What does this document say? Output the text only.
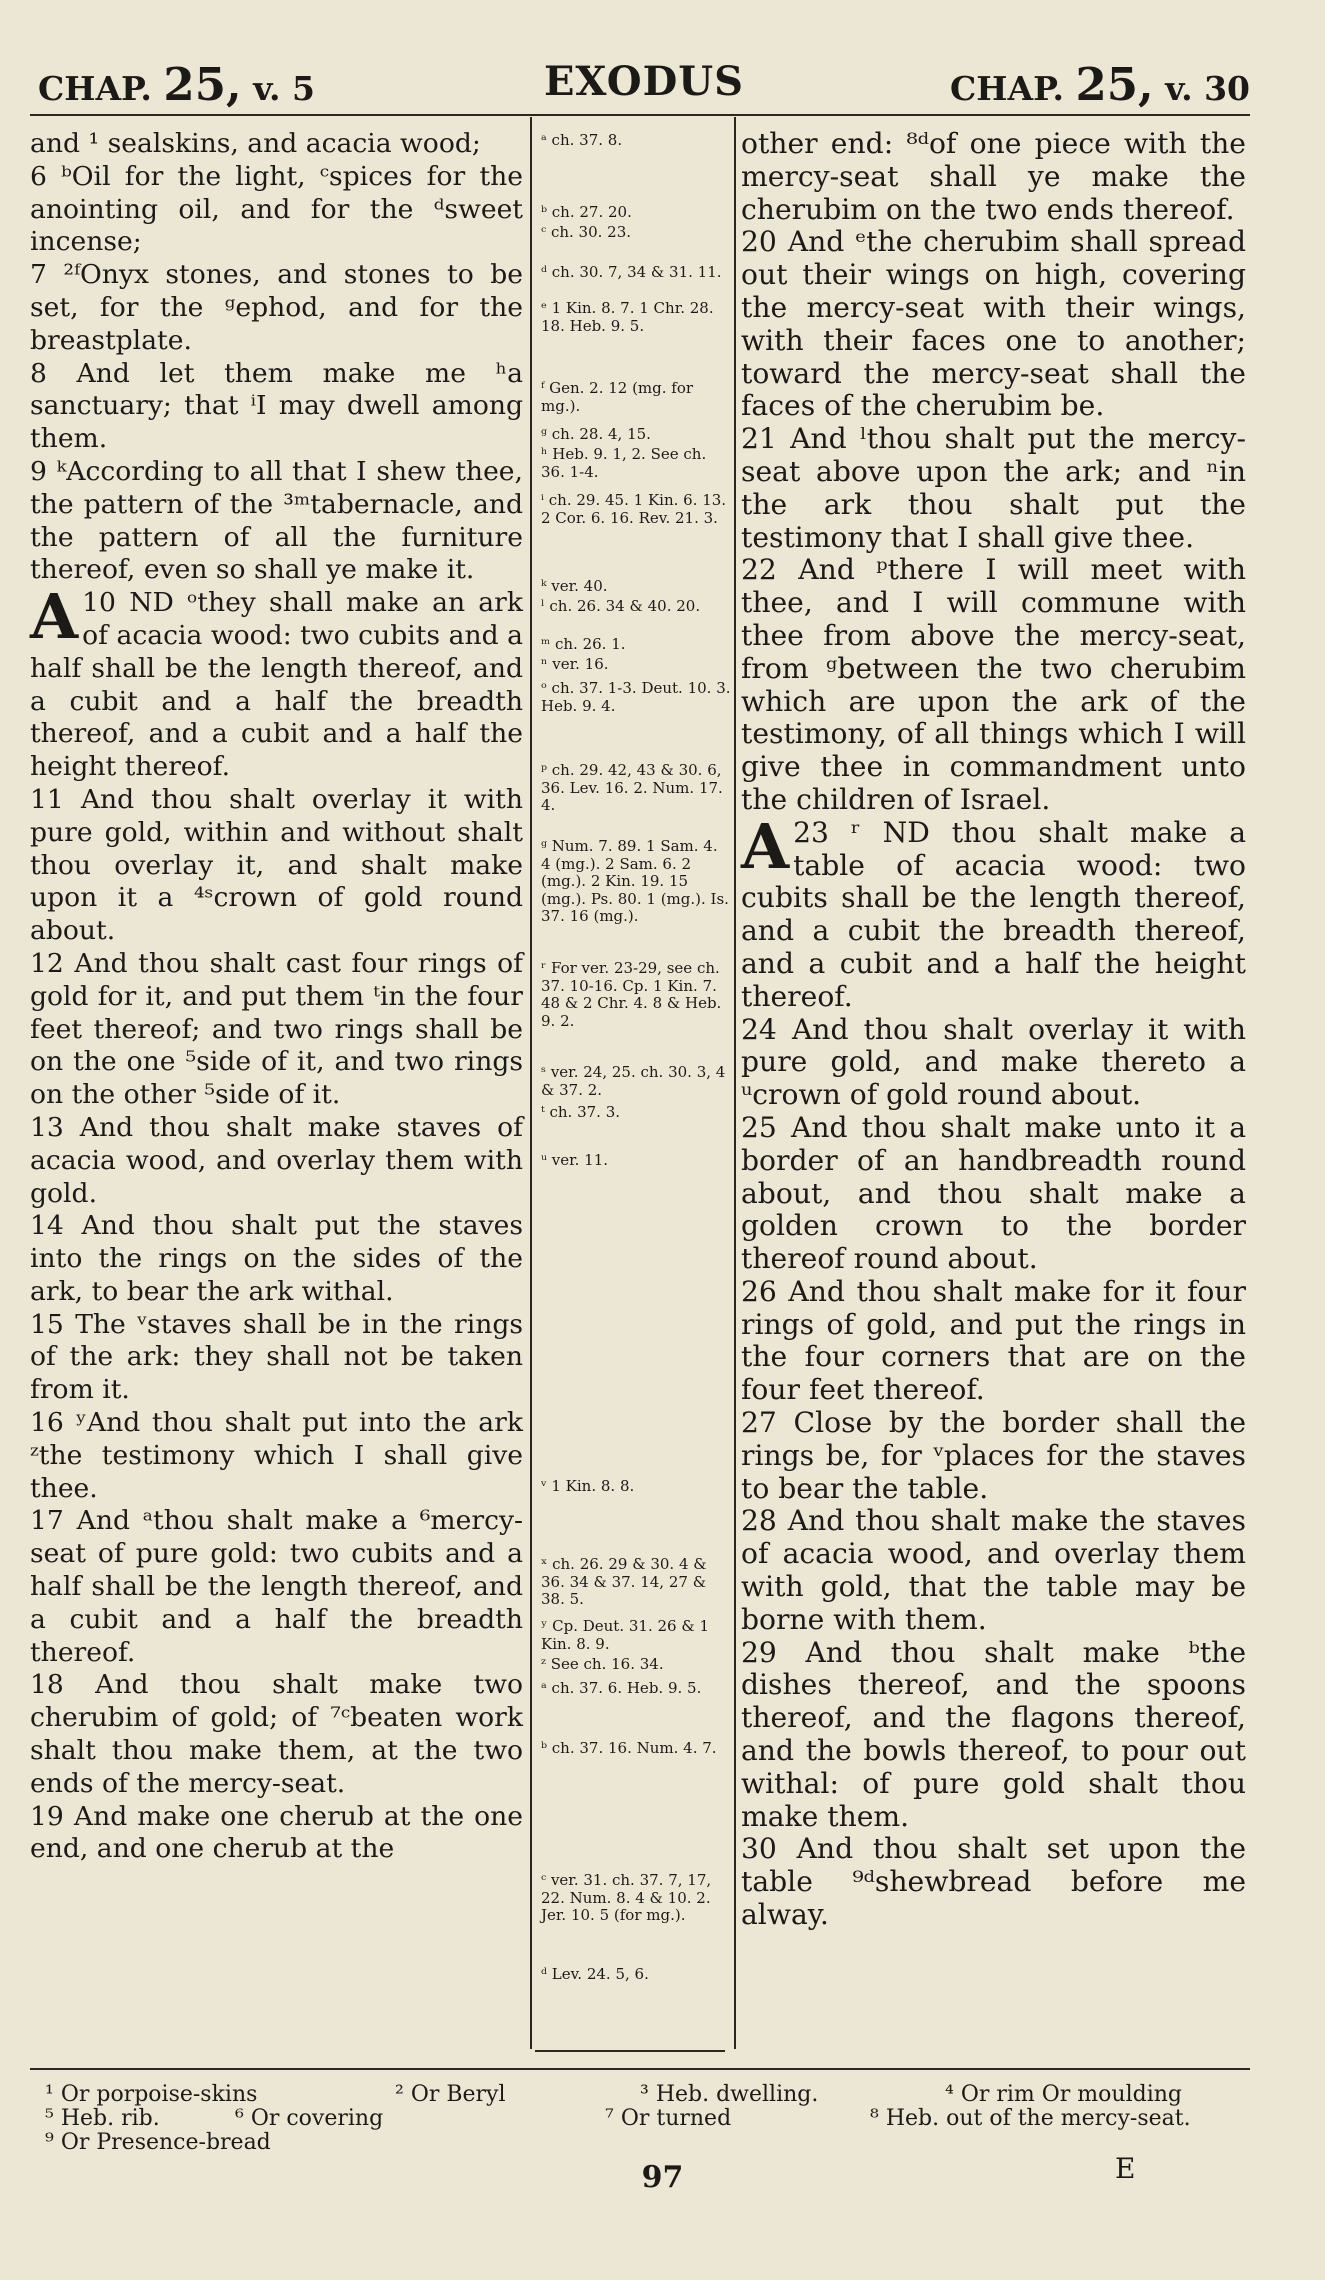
CHAP. 25, v. 5	EXODUS	CHAP. 25, v. 30

and ¹ sealskins, and acacia wood;

6 ᵇOil for the light, ᶜspices for the anointing oil, and for the ᵈsweet incense;

7 ²ᶠOnyx stones, and stones to be set, for the ᵍephod, and for the breastplate.

8 And let them make me ʰa sanctuary; that ⁱI may dwell among them.

9 ᵏAccording to all that I shew thee, the pattern of the ³ᵐtabernacle, and the pattern of all the furniture thereof, even so shall ye make it.

10
A ND ᵒthey shall make an ark of acacia wood: two cubits and a half shall be the length thereof, and a cubit and a half the breadth thereof, and a cubit and a half the height thereof.

11 And thou shalt overlay it with pure gold, within and without shalt thou overlay it, and shalt make upon it a ⁴ˢcrown of gold round about.

12 And thou shalt cast four rings of gold for it, and put them ᵗin the four feet thereof; and two rings shall be on the one ⁵side of it, and two rings on the other ⁵side of it.

13 And thou shalt make staves of acacia wood, and overlay them with gold.

14 And thou shalt put the staves into the rings on the sides of the ark, to bear the ark withal.

15 The ᵛstaves shall be in the rings of the ark: they shall not be taken from it.

16 ʸAnd thou shalt put into the ark ᶻthe testimony which I shall give thee.

17 And ᵃthou shalt make a ⁶mercy-seat of pure gold: two cubits and a half shall be the length thereof, and a cubit and a half the breadth thereof.

18 And thou shalt make two cherubim of gold; of ⁷ᶜbeaten work shalt thou make them, at the two ends of the mercy-seat.

19 And make one cherub at the one end, and one cherub at the

ᵃ ch. 37. 8.
ᵇ ch. 27. 20.
ᶜ ch. 30. 23.
ᵈ ch. 30. 7, 34 & 31. 11.
ᵉ 1 Kin. 8. 7. 1 Chr. 28. 18. Heb. 9. 5.
ᶠ Gen. 2. 12 (mg. for mg.).
ᵍ ch. 28. 4, 15.
ʰ Heb. 9. 1, 2. See ch. 36. 1-4.
ⁱ ch. 29. 45. 1 Kin. 6. 13. 2 Cor. 6. 16. Rev. 21. 3.
ᵏ ver. 40.
ˡ ch. 26. 34 & 40. 20.
ᵐ ch. 26. 1.
ⁿ ver. 16.
ᵒ ch. 37. 1-3. Deut. 10. 3. Heb. 9. 4.
ᵖ ch. 29. 42, 43 & 30. 6, 36. Lev. 16. 2. Num. 17. 4.
ᵍ Num. 7. 89. 1 Sam. 4. 4 (mg.). 2 Sam. 6. 2 (mg.). 2 Kin. 19. 15 (mg.). Ps. 80. 1 (mg.). Is. 37. 16 (mg.).
ʳ For ver. 23-29, see ch. 37. 10-16. Cp. 1 Kin. 7. 48 & 2 Chr. 4. 8 & Heb. 9. 2.
ˢ ver. 24, 25. ch. 30. 3, 4 & 37. 2.
ᵗ ch. 37. 3.
ᵘ ver. 11.
ᵛ 1 Kin. 8. 8.
ˣ ch. 26. 29 & 30. 4 & 36. 34 & 37. 14, 27 & 38. 5.
ʸ Cp. Deut. 31. 26 & 1 Kin. 8. 9.
ᶻ See ch. 16. 34.
ᵃ ch. 37. 6. Heb. 9. 5.
ᵇ ch. 37. 16. Num. 4. 7.
ᶜ ver. 31. ch. 37. 7, 17, 22. Num. 8. 4 & 10. 2. Jer. 10. 5 (for mg.).
ᵈ Lev. 24. 5, 6.

other end: ⁸ᵈof one piece with the mercy-seat shall ye make the cherubim on the two ends thereof.

20 And ᵉthe cherubim shall spread out their wings on high, covering the mercy-seat with their wings, with their faces one to another; toward the mercy-seat shall the faces of the cherubim be.

21 And ˡthou shalt put the mercy-seat above upon the ark; and ⁿin the ark thou shalt put the testimony that I shall give thee.

22 And ᵖthere I will meet with thee, and I will commune with thee from above the mercy-seat, from ᵍbetween the two cherubim which are upon the ark of the testimony, of all things which I will give thee in commandment unto the children of Israel.

23 ʳ
A	ND thou shalt make a table of acacia wood: two cubits shall be the length thereof, and a cubit the breadth thereof, and a cubit and a half the height thereof.

24 And thou shalt overlay it with pure gold, and make thereto a ᵘcrown of gold round about.

25 And thou shalt make unto it a border of an handbreadth round about, and thou shalt make a golden crown to the border thereof round about.

26 And thou shalt make for it four rings of gold, and put the rings in the four corners that are on the four feet thereof.

27 Close by the border shall the rings be, for ᵛplaces for the staves to bear the table.

28 And thou shalt make the staves of acacia wood, and overlay them with gold, that the table may be borne with them.

29 And thou shalt make ᵇthe dishes thereof, and the spoons thereof, and the flagons thereof, and the bowls thereof, to pour out withal: of pure gold shalt thou make them.

30 And thou shalt set upon the table ⁹ᵈshewbread before me alway.

¹ Or porpoise-skins	² Or Beryl	³ Heb. dwelling.	⁴ Or rim Or moulding
⁵ Heb. rib.	⁶ Or covering	⁷ Or turned	⁸ Heb. out of the mercy-seat.
⁹ Or Presence-bread
97	E
